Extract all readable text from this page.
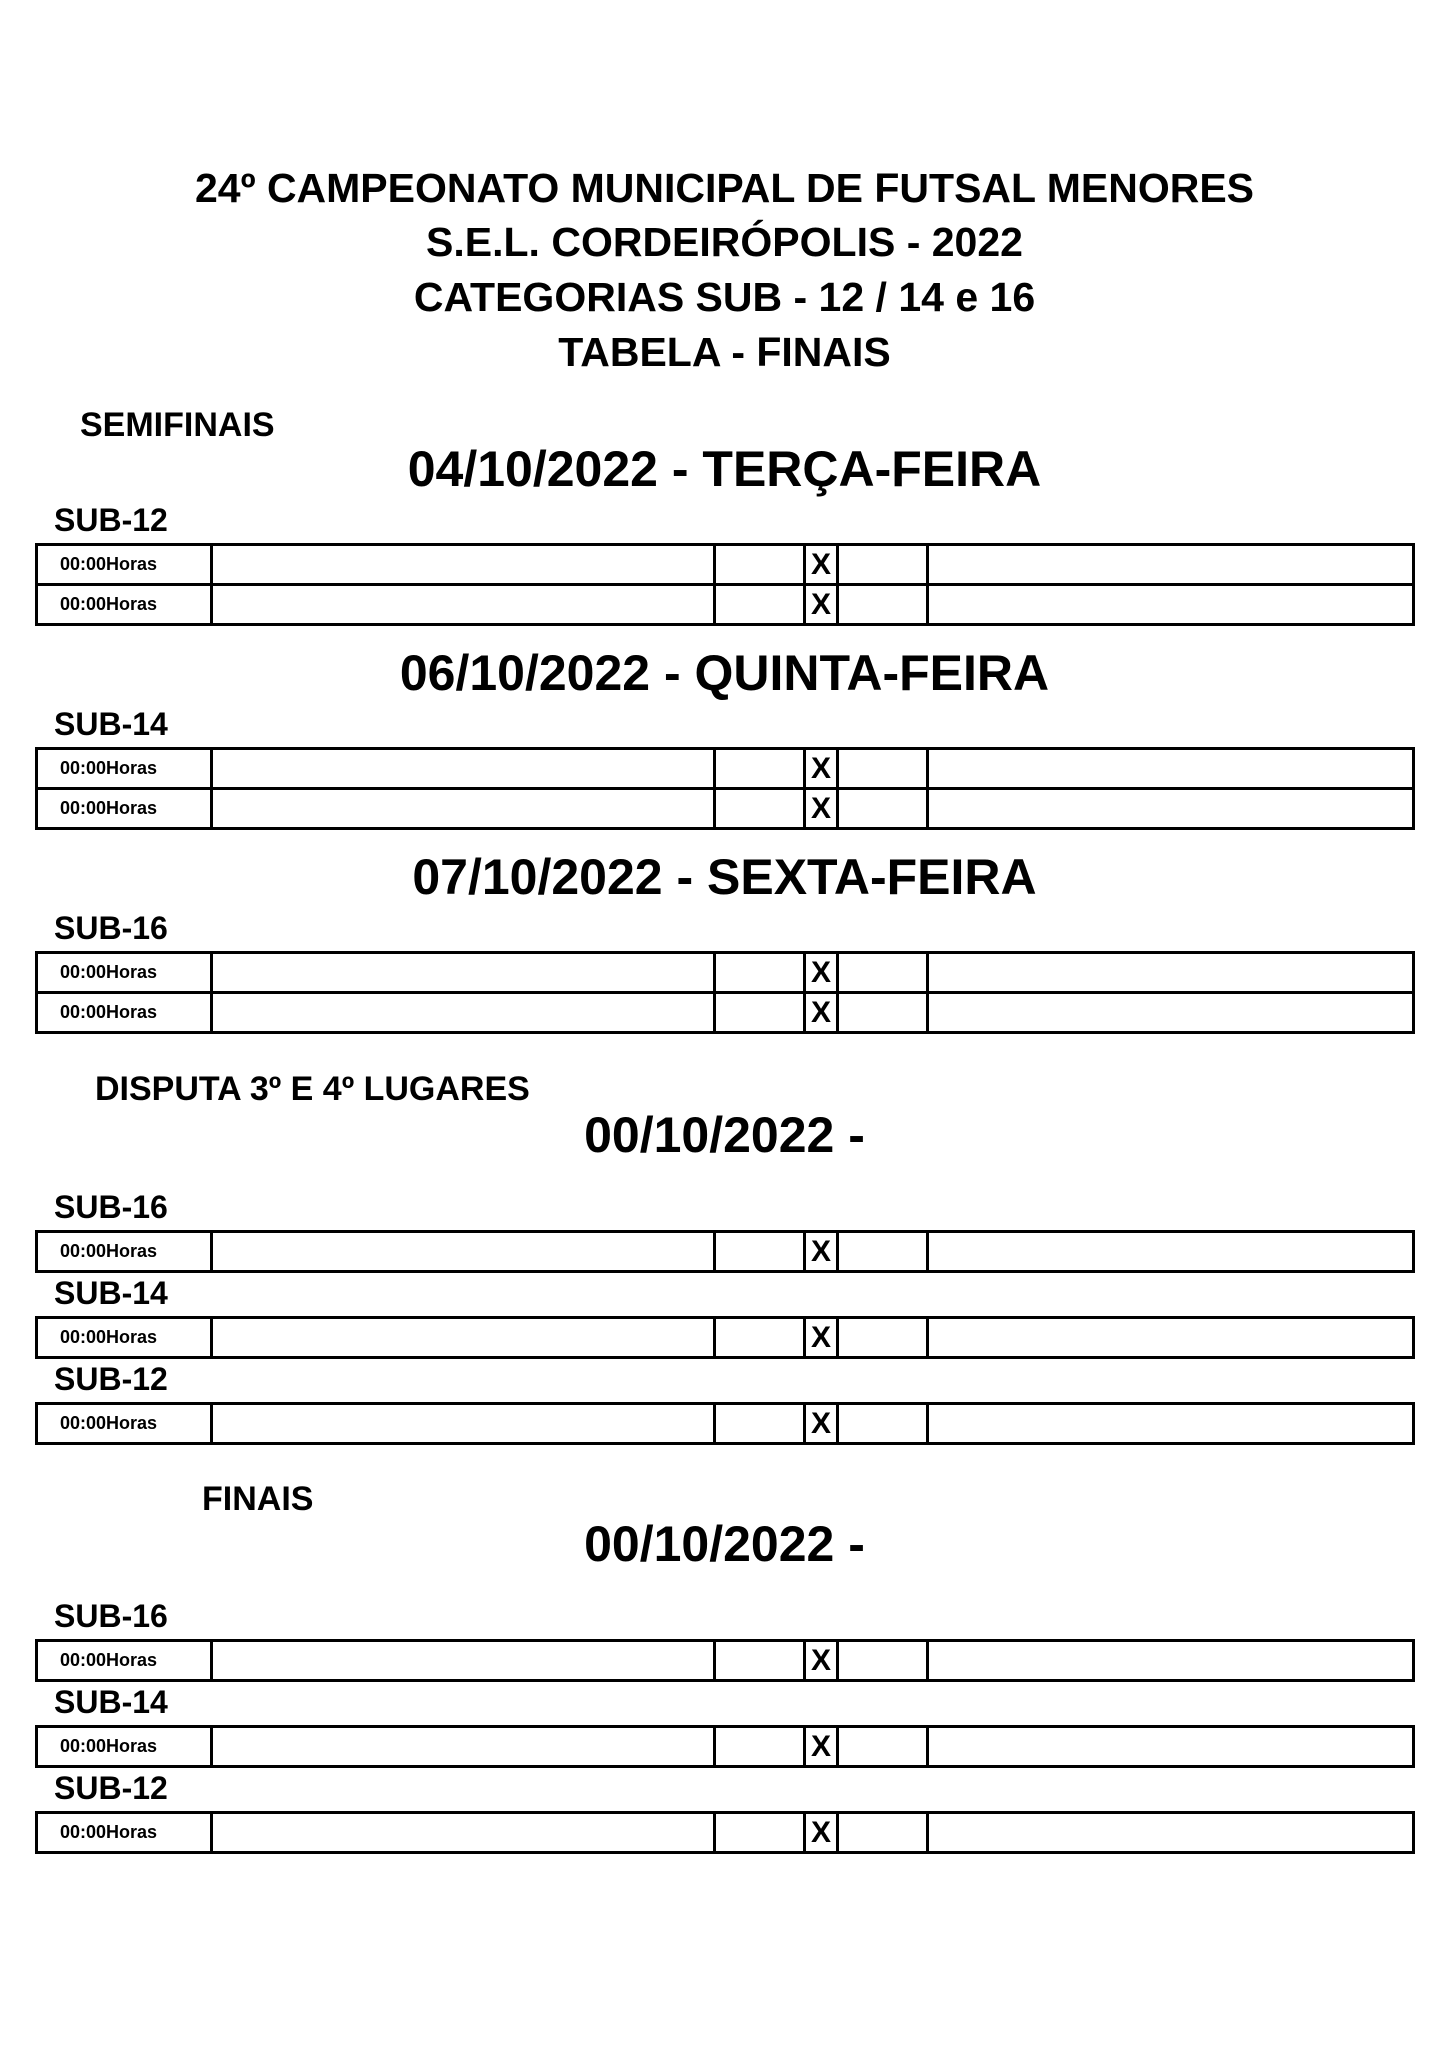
24º CAMPEONATO MUNICIPAL DE FUTSAL MENORES
S.E.L. CORDEIRÓPOLIS - 2022
CATEGORIAS SUB - 12 / 14 e 16
TABELA - FINAIS
SEMIFINAIS
04/10/2022 - TERÇA-FEIRA
SUB-12
00:00Horas			X		
00:00Horas			X		
06/10/2022 - QUINTA-FEIRA
SUB-14
00:00Horas			X		
00:00Horas			X		
07/10/2022 - SEXTA-FEIRA
SUB-16
00:00Horas			X		
00:00Horas			X		
DISPUTA 3º E 4º LUGARES
00/10/2022 -
SUB-16
00:00Horas			X		
SUB-14
00:00Horas			X		
SUB-12
00:00Horas			X		
FINAIS
00/10/2022 -
SUB-16
00:00Horas			X		
SUB-14
00:00Horas			X		
SUB-12
00:00Horas			X		
